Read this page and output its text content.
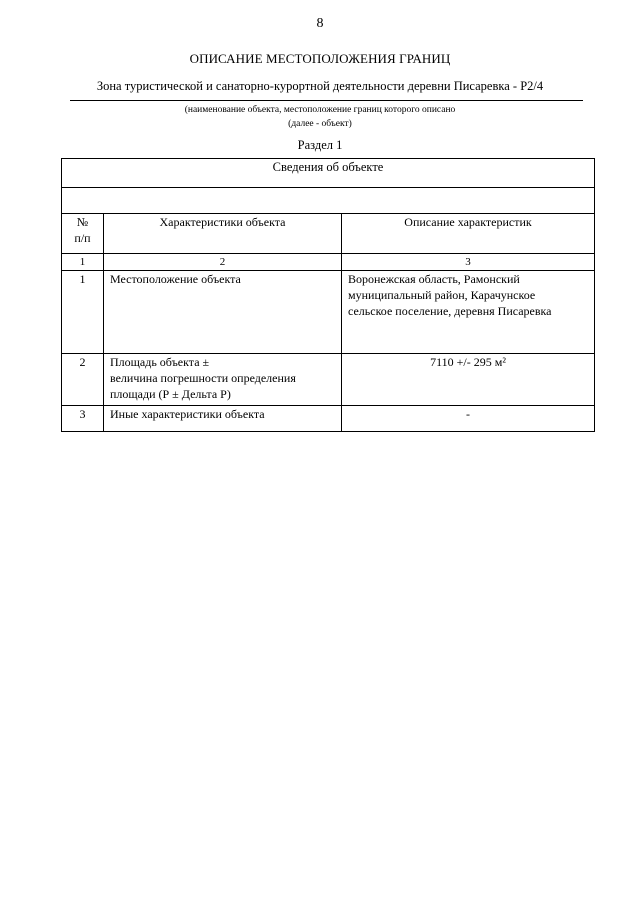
8
ОПИСАНИЕ МЕСТОПОЛОЖЕНИЯ ГРАНИЦ
Зона туристической и санаторно-курортной деятельности деревни Писаревка - Р2/4
(наименование объекта, местоположение границ которого описано
(далее - объект)
Раздел 1
Сведения об объекте		

№
п/п	Характеристики объекта	Описание характеристик
1	2	3
1	Местоположение объекта	Воронежская область, Рамонский
муниципальный район, Карачунское
сельское поселение, деревня Писаревка

2	Площадь объекта ±
величина погрешности определения
площади (Р ± Дельта Р)	7110 +/- 295 м²
3	Иные характеристики объекта	-
